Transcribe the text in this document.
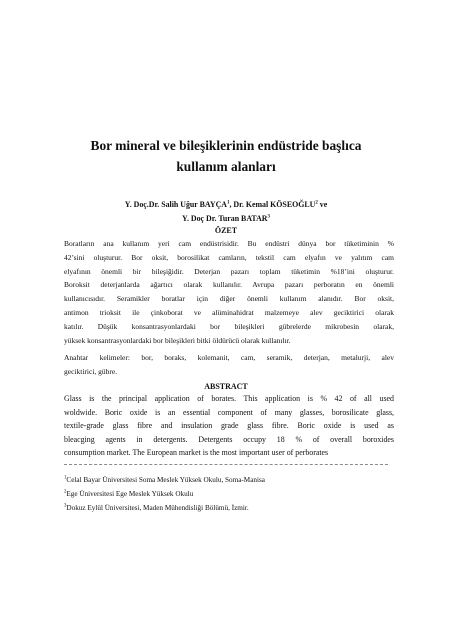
Bor mineral ve bileşiklerinin endüstride başlıca
kullanım alanları
Y. Doç.Dr. Salih Uğur BAYÇA$^1$, Dr. Kemal KÖSEOĞLU$^2$ ve
Y. Doç Dr. Turan BATAR$^3$
ÖZET
Boratların ana kullanım yeri cam endüstrisidir. Bu endüstri dünya bor tüketiminin %
42’sini oluşturur. Bor oksit, borosilikat camların, tekstil cam elyafın ve yalıtım cam
elyafının önemli bir bileşiğidir. Deterjan pazarı toplam tüketimin %18’ini oluşturur.
Boroksit deterjanlarda ağartıcı olarak kullanılır. Avrupa pazarı perboratın en önemli
kullanıcısıdır. Seramikler boratlar için diğer önemli kullanım alanıdır. Bor oksit,
antimon trioksit ile çinkoborat ve alüminahidrat malzemeye alev geciktirici olarak
katılır. Düşük konsantrasyonlardaki bor bileşikleri gübrelerde mikrobesin olarak,
yüksek konsantrasyonlardaki bor bileşikleri bitki öldürücü olarak kullanılır.
Anahtar kelimeler: bor, boraks, kolemanit, cam, seramik, deterjan, metalurji, alev
geciktirici, gübre.
ABSTRACT
Glass is the principal application of borates. This application is % 42 of all used
woldwide. Boric oxide is an essential component of many glasses, borosilicate glass,
textile-grade glass fibre and insulation grade glass fibre. Boric oxide is used as
bleacging agents in detergents. Detergents occupy 18 % of overall boroxides
consumption market. The European market is the most important user of perborates
$^1$Celal Bayar Üniversitesi Soma Meslek Yüksek Okulu, Soma-Manisa
$^2$Ege Üniversitesi Ege Meslek Yüksek Okulu
$^3$Dokuz Eylül Üniversitesi, Maden Mühendisliği Bölümü, İzmir.
